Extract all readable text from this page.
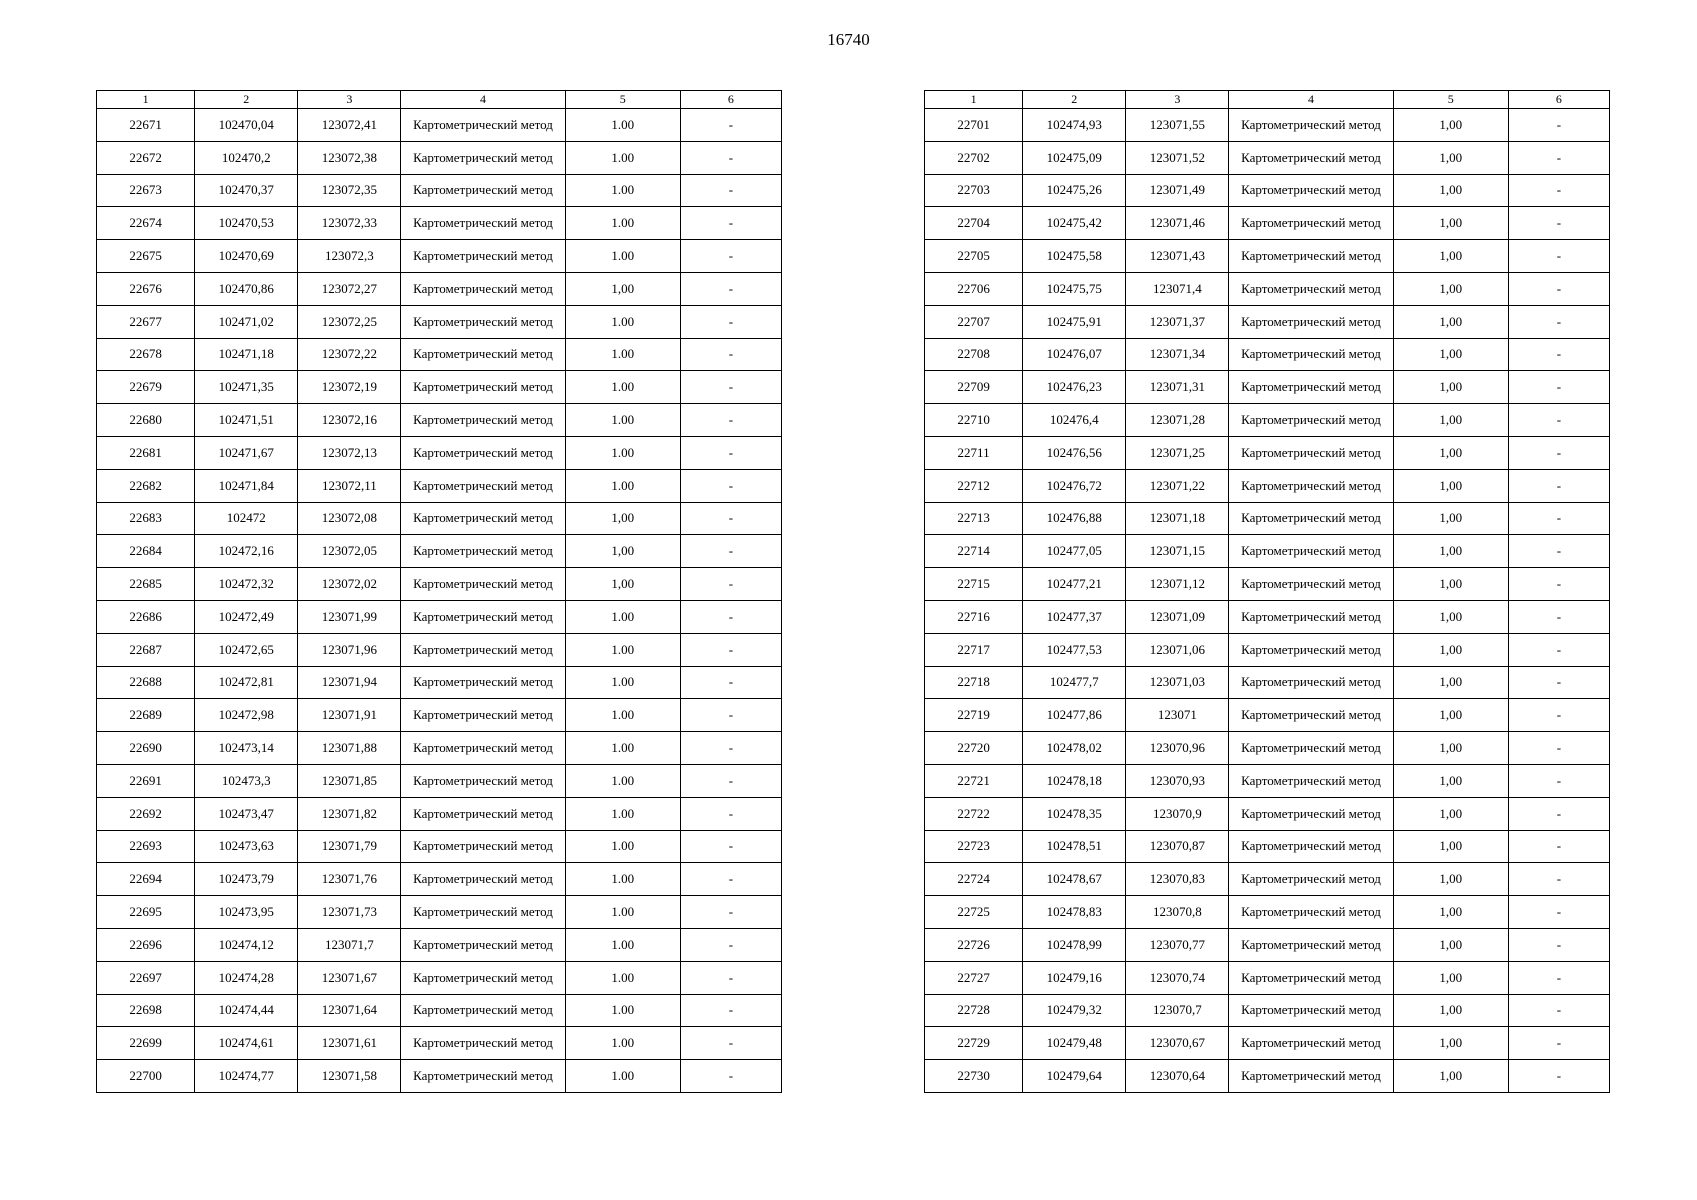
16740
1	2	3	4	5	6
22671	102470,04	123072,41	Картометрический метод	1.00	-
22672	102470,2	123072,38	Картометрический метод	1.00	-
22673	102470,37	123072,35	Картометрический метод	1.00	-
22674	102470,53	123072,33	Картометрический метод	1.00	-
22675	102470,69	123072,3	Картометрический метод	1.00	-
22676	102470,86	123072,27	Картометрический метод	1,00	-
22677	102471,02	123072,25	Картометрический метод	1.00	-
22678	102471,18	123072,22	Картометрический метод	1.00	-
22679	102471,35	123072,19	Картометрический метод	1.00	-
22680	102471,51	123072,16	Картометрический метод	1.00	-
22681	102471,67	123072,13	Картометрический метод	1.00	-
22682	102471,84	123072,11	Картометрический метод	1.00	-
22683	102472	123072,08	Картометрический метод	1,00	-
22684	102472,16	123072,05	Картометрический метод	1,00	-
22685	102472,32	123072,02	Картометрический метод	1,00	-
22686	102472,49	123071,99	Картометрический метод	1.00	-
22687	102472,65	123071,96	Картометрический метод	1.00	-
22688	102472,81	123071,94	Картометрический метод	1.00	-
22689	102472,98	123071,91	Картометрический метод	1.00	-
22690	102473,14	123071,88	Картометрический метод	1.00	-
22691	102473,3	123071,85	Картометрический метод	1.00	-
22692	102473,47	123071,82	Картометрический метод	1.00	-
22693	102473,63	123071,79	Картометрический метод	1.00	-
22694	102473,79	123071,76	Картометрический метод	1.00	-
22695	102473,95	123071,73	Картометрический метод	1.00	-
22696	102474,12	123071,7	Картометрический метод	1.00	-
22697	102474,28	123071,67	Картометрический метод	1.00	-
22698	102474,44	123071,64	Картометрический метод	1.00	-
22699	102474,61	123071,61	Картометрический метод	1.00	-
22700	102474,77	123071,58	Картометрический метод	1.00	-
1	2	3	4	5	6
22701	102474,93	123071,55	Картометрический метод	1,00	-
22702	102475,09	123071,52	Картометрический метод	1,00	-
22703	102475,26	123071,49	Картометрический метод	1,00	-
22704	102475,42	123071,46	Картометрический метод	1,00	-
22705	102475,58	123071,43	Картометрический метод	1,00	-
22706	102475,75	123071,4	Картометрический метод	1,00	-
22707	102475,91	123071,37	Картометрический метод	1,00	-
22708	102476,07	123071,34	Картометрический метод	1,00	-
22709	102476,23	123071,31	Картометрический метод	1,00	-
22710	102476,4	123071,28	Картометрический метод	1,00	-
22711	102476,56	123071,25	Картометрический метод	1,00	-
22712	102476,72	123071,22	Картометрический метод	1,00	-
22713	102476,88	123071,18	Картометрический метод	1,00	-
22714	102477,05	123071,15	Картометрический метод	1,00	-
22715	102477,21	123071,12	Картометрический метод	1,00	-
22716	102477,37	123071,09	Картометрический метод	1,00	-
22717	102477,53	123071,06	Картометрический метод	1,00	-
22718	102477,7	123071,03	Картометрический метод	1,00	-
22719	102477,86	123071	Картометрический метод	1,00	-
22720	102478,02	123070,96	Картометрический метод	1,00	-
22721	102478,18	123070,93	Картометрический метод	1,00	-
22722	102478,35	123070,9	Картометрический метод	1,00	-
22723	102478,51	123070,87	Картометрический метод	1,00	-
22724	102478,67	123070,83	Картометрический метод	1,00	-
22725	102478,83	123070,8	Картометрический метод	1,00	-
22726	102478,99	123070,77	Картометрический метод	1,00	-
22727	102479,16	123070,74	Картометрический метод	1,00	-
22728	102479,32	123070,7	Картометрический метод	1,00	-
22729	102479,48	123070,67	Картометрический метод	1,00	-
22730	102479,64	123070,64	Картометрический метод	1,00	-
